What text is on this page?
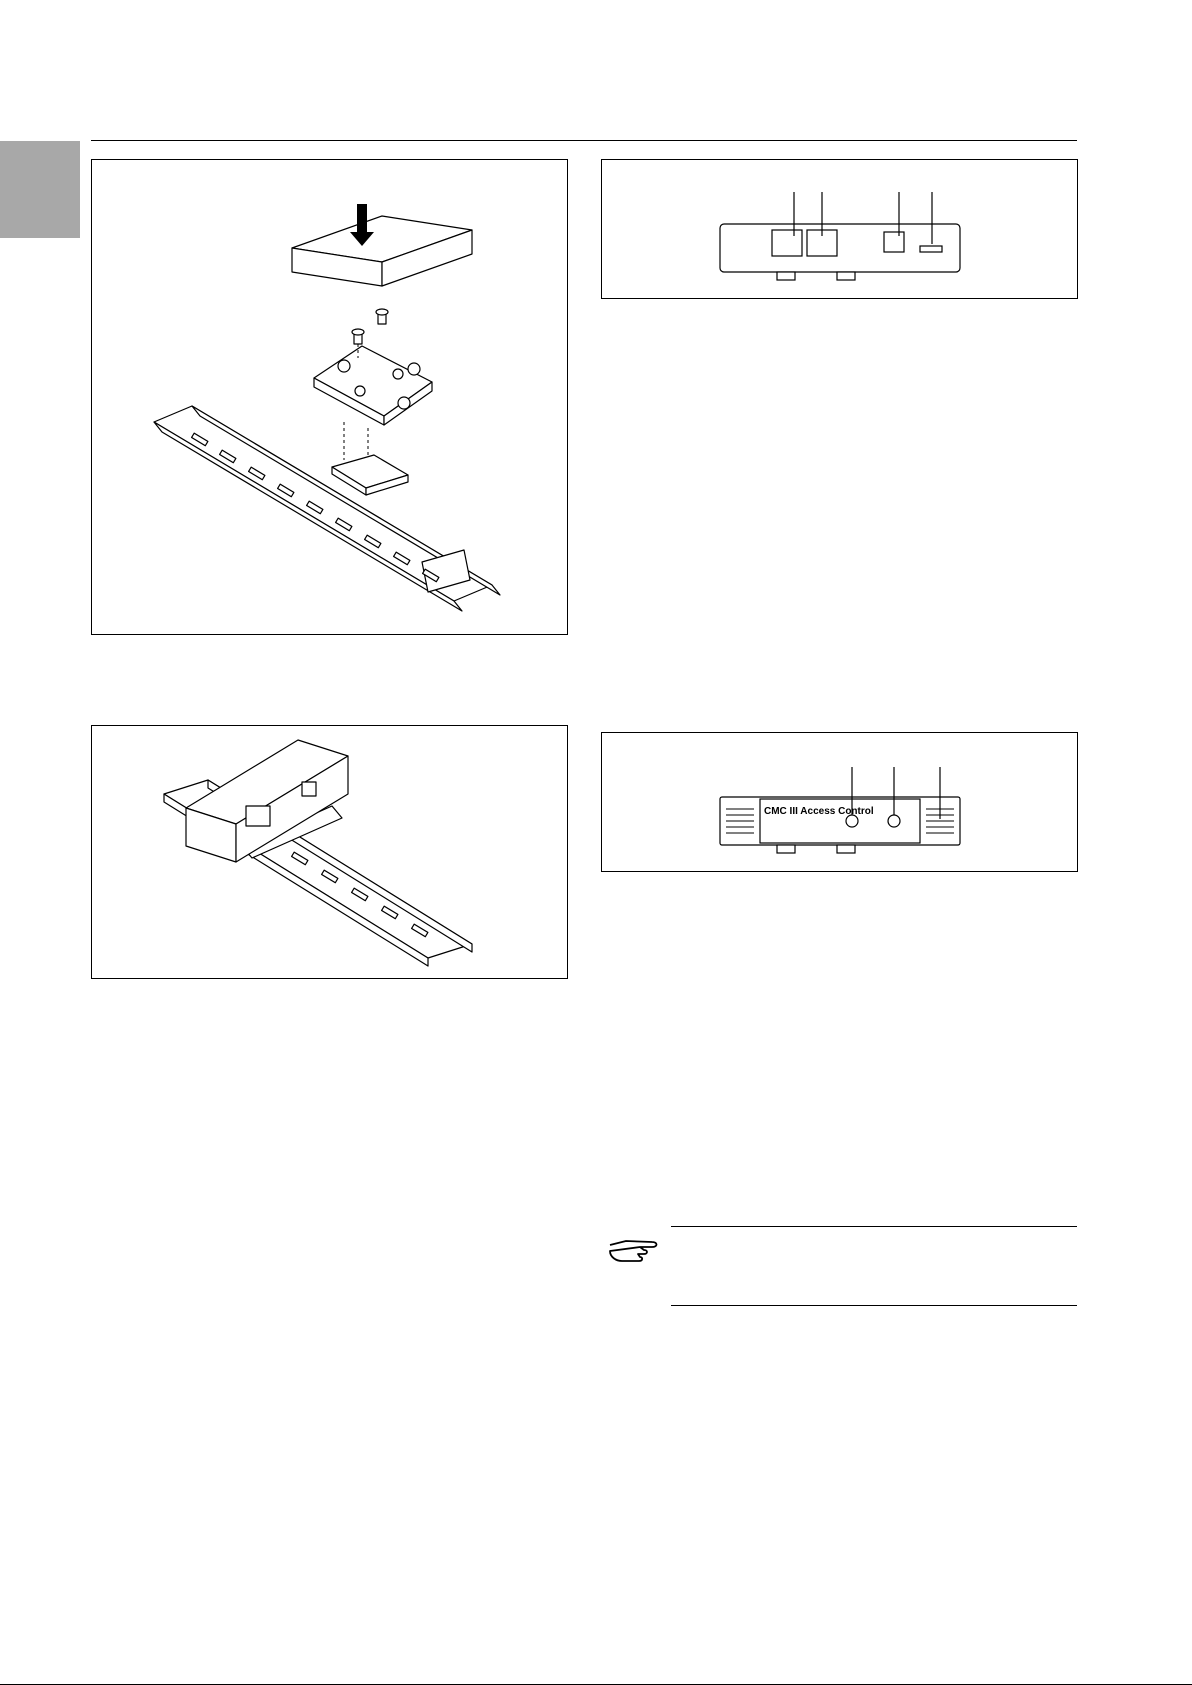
CMC III Access Control
